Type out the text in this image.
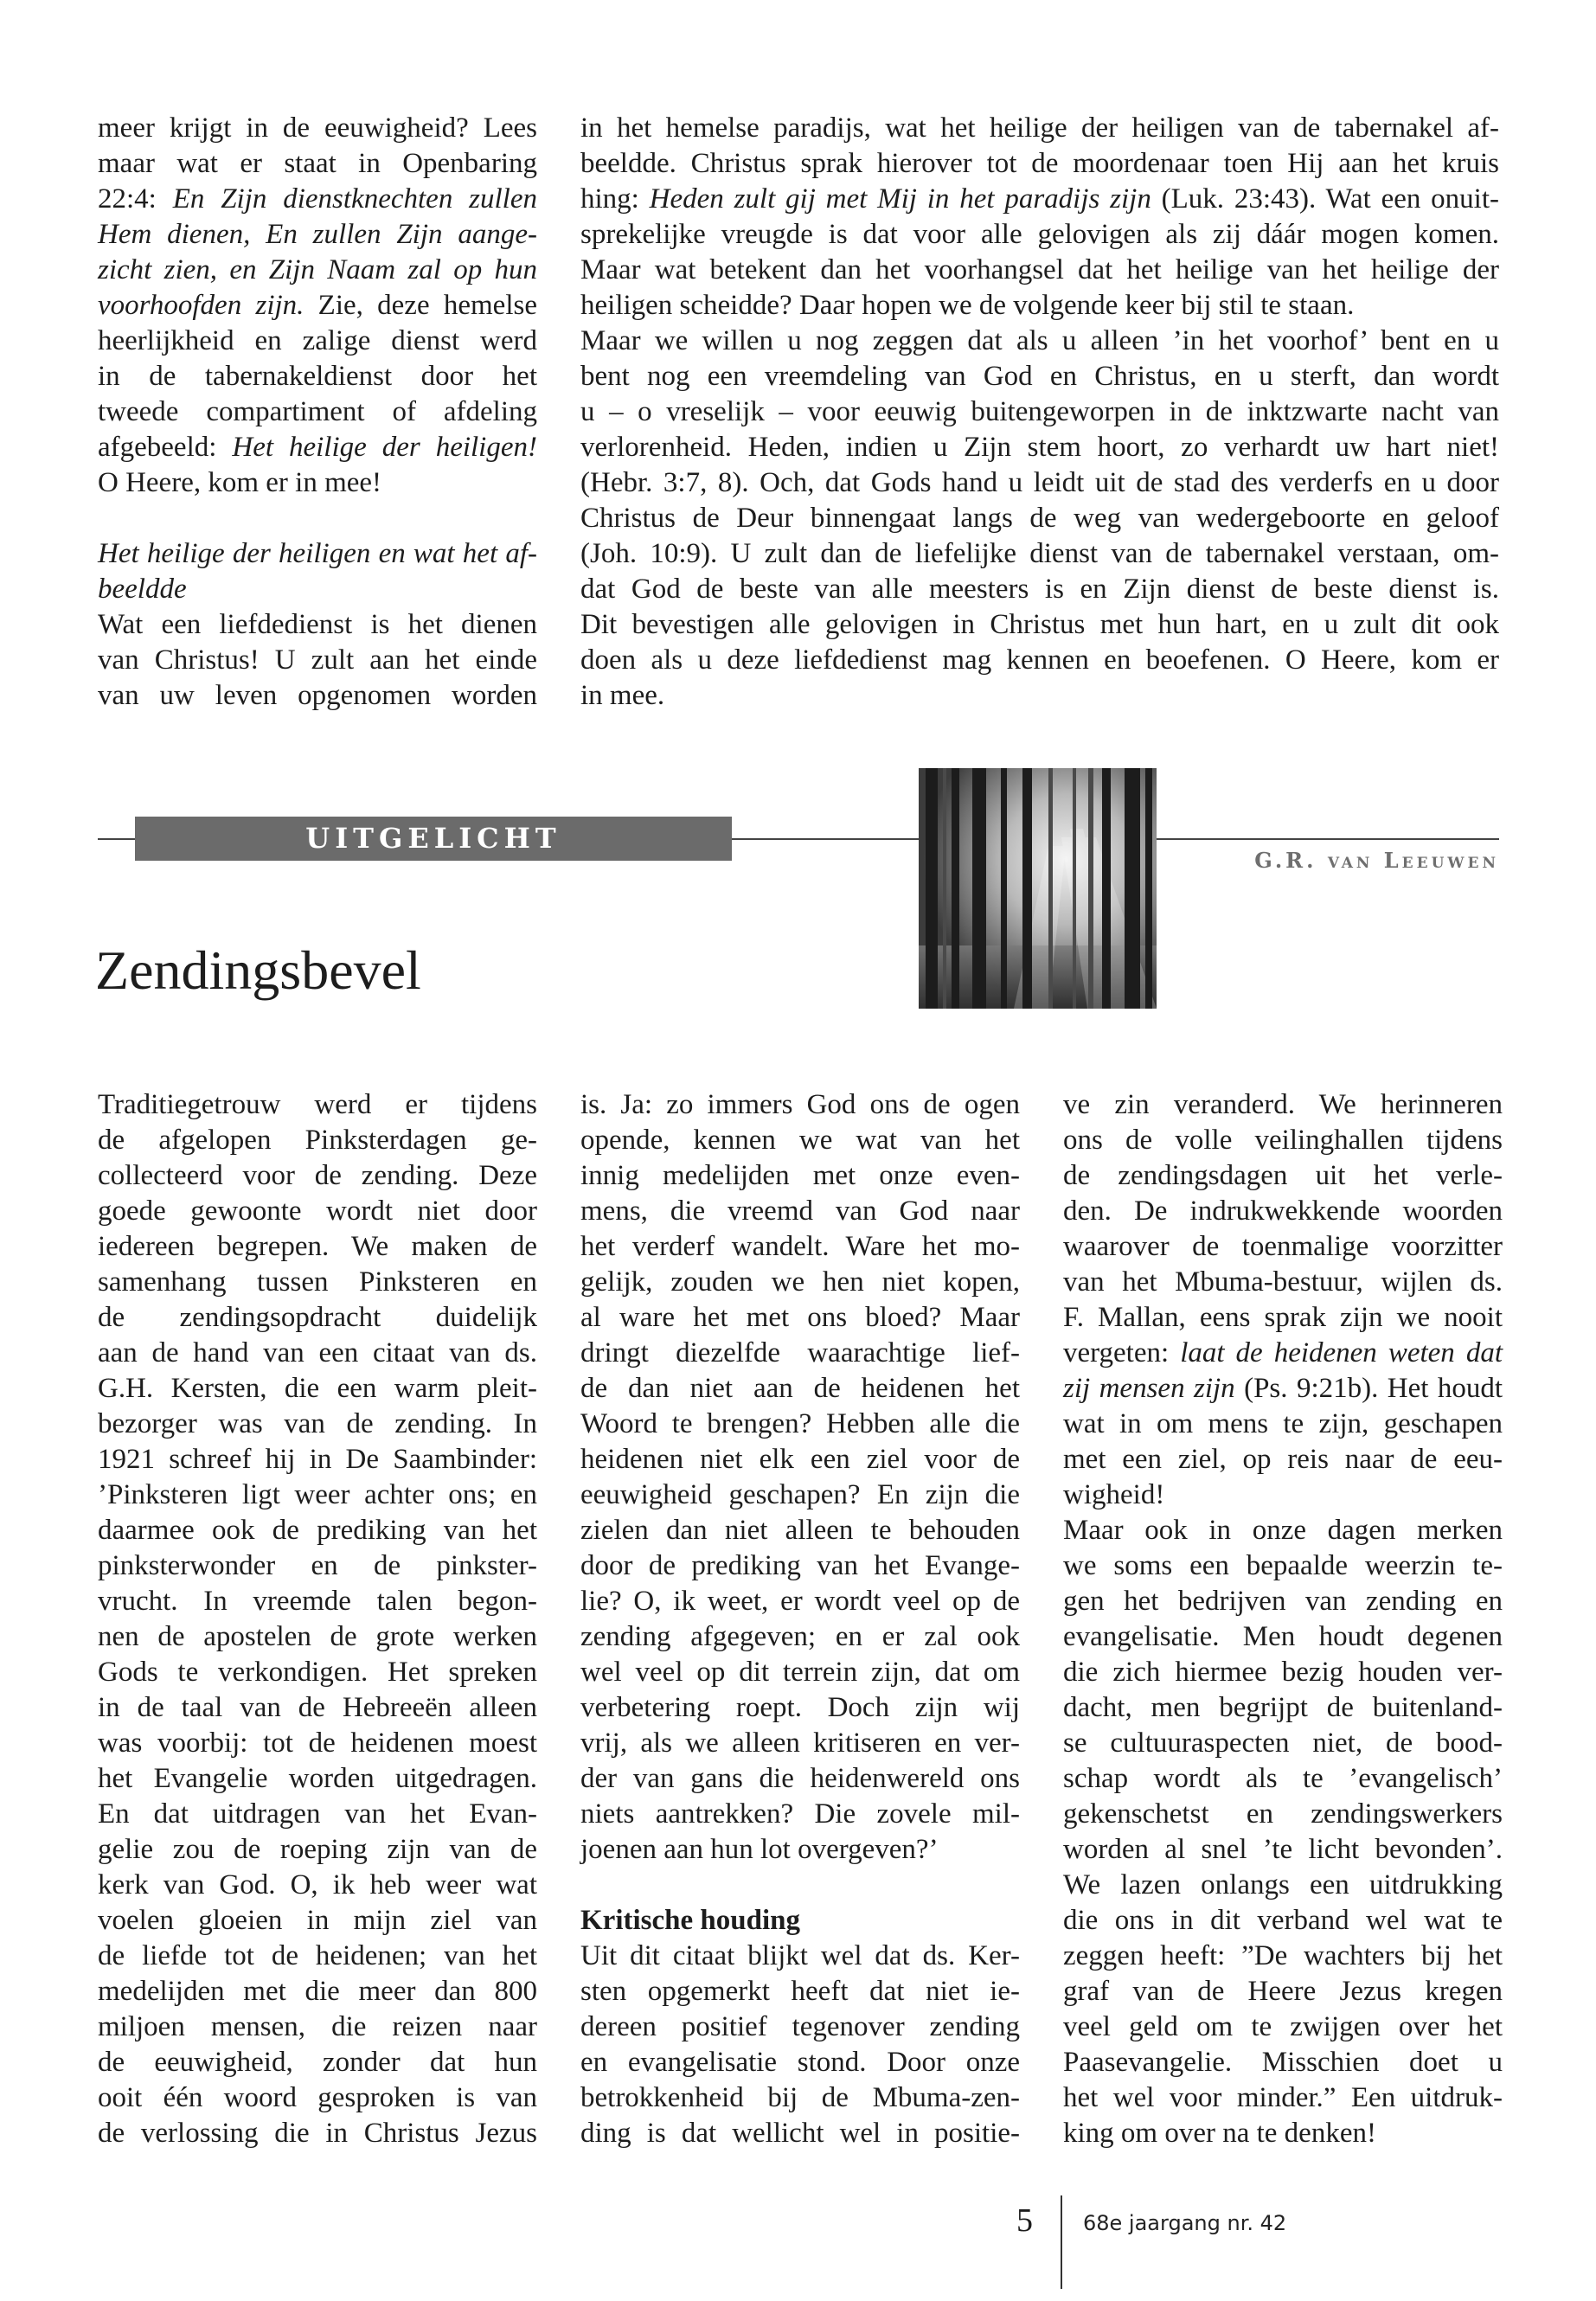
meer krijgt in de eeuwigheid? Lees
maar wat er staat in Openbaring
22:4: En Zijn dienstknechten zullen
Hem dienen, En zullen Zijn aange-
zicht zien, en Zijn Naam zal op hun
voorhoofden zijn. Zie, deze hemelse
heerlijkheid en zalige dienst werd
in de tabernakeldienst door het
tweede compartiment of afdeling
afgebeeld: Het heilige der heiligen!
O Heere, kom er in mee!
Het heilige der heiligen en wat het af-
beeldde
Wat een liefdedienst is het dienen
van Christus! U zult aan het einde
van uw leven opgenomen worden
in het hemelse paradijs, wat het heilige der heiligen van de tabernakel af-
beeldde. Christus sprak hierover tot de moordenaar toen Hij aan het kruis
hing: Heden zult gij met Mij in het paradijs zijn (Luk. 23:43). Wat een onuit-
sprekelijke vreugde is dat voor alle gelovigen als zij dáár mogen komen.
Maar wat betekent dan het voorhangsel dat het heilige van het heilige der
heiligen scheidde? Daar hopen we de volgende keer bij stil te staan.
Maar we willen u nog zeggen dat als u alleen ’in het voorhof’ bent en u
bent nog een vreemdeling van God en Christus, en u sterft, dan wordt
u – o vreselijk – voor eeuwig buitengeworpen in de inktzwarte nacht van
verlorenheid. Heden, indien u Zijn stem hoort, zo verhardt uw hart niet!
(Hebr. 3:7, 8). Och, dat Gods hand u leidt uit de stad des verderfs en u door
Christus de Deur binnengaat langs de weg van wedergeboorte en geloof
(Joh. 10:9). U zult dan de liefelijke dienst van de tabernakel verstaan, om-
dat God de beste van alle meesters is en Zijn dienst de beste dienst is.
Dit bevestigen alle gelovigen in Christus met hun hart, en u zult dit ook
doen als u deze liefdedienst mag kennen en beoefenen. O Heere, kom er
in mee.
UITGELICHT
G.R. van Leeuwen
Zendingsbevel
Traditiegetrouw werd er tijdens
de afgelopen Pinksterdagen ge-
collecteerd voor de zending. Deze
goede gewoonte wordt niet door
iedereen begrepen. We maken de
samenhang tussen Pinksteren en
de zendingsopdracht duidelijk
aan de hand van een citaat van ds.
G.H. Kersten, die een warm pleit-
bezorger was van de zending. In
1921 schreef hij in De Saambinder:
’Pinksteren ligt weer achter ons; en
daarmee ook de prediking van het
pinksterwonder en de pinkster-
vrucht. In vreemde talen begon-
nen de apostelen de grote werken
Gods te verkondigen. Het spreken
in de taal van de Hebreeën alleen
was voorbij: tot de heidenen moest
het Evangelie worden uitgedragen.
En dat uitdragen van het Evan-
gelie zou de roeping zijn van de
kerk van God. O, ik heb weer wat
voelen gloeien in mijn ziel van
de liefde tot de heidenen; van het
medelijden met die meer dan 800
miljoen mensen, die reizen naar
de eeuwigheid, zonder dat hun
ooit één woord gesproken is van
de verlossing die in Christus Jezus
is. Ja: zo immers God ons de ogen
opende, kennen we wat van het
innig medelijden met onze even-
mens, die vreemd van God naar
het verderf wandelt. Ware het mo-
gelijk, zouden we hen niet kopen,
al ware het met ons bloed? Maar
dringt diezelfde waarachtige lief-
de dan niet aan de heidenen het
Woord te brengen? Hebben alle die
heidenen niet elk een ziel voor de
eeuwigheid geschapen? En zijn die
zielen dan niet alleen te behouden
door de prediking van het Evange-
lie? O, ik weet, er wordt veel op de
zending afgegeven; en er zal ook
wel veel op dit terrein zijn, dat om
verbetering roept. Doch zijn wij
vrij, als we alleen kritiseren en ver-
der van gans die heidenwereld ons
niets aantrekken? Die zovele mil-
joenen aan hun lot overgeven?’
Kritische houding
Uit dit citaat blijkt wel dat ds. Ker-
sten opgemerkt heeft dat niet ie-
dereen positief tegenover zending
en evangelisatie stond. Door onze
betrokkenheid bij de Mbuma-zen-
ding is dat wellicht wel in positie-
ve zin veranderd. We herinneren
ons de volle veilinghallen tijdens
de zendingsdagen uit het verle-
den. De indrukwekkende woorden
waarover de toenmalige voorzitter
van het Mbuma-bestuur, wijlen ds.
F. Mallan, eens sprak zijn we nooit
vergeten: laat de heidenen weten dat
zij mensen zijn (Ps. 9:21b). Het houdt
wat in om mens te zijn, geschapen
met een ziel, op reis naar de eeu-
wigheid!
Maar ook in onze dagen merken
we soms een bepaalde weerzin te-
gen het bedrijven van zending en
evangelisatie. Men houdt degenen
die zich hiermee bezig houden ver-
dacht, men begrijpt de buitenland-
se cultuuraspecten niet, de bood-
schap wordt als te ’evangelisch’
gekenschetst en zendingswerkers
worden al snel ’te licht bevonden’.
We lazen onlangs een uitdrukking
die ons in dit verband wel wat te
zeggen heeft: ”De wachters bij het
graf van de Heere Jezus kregen
veel geld om te zwijgen over het
Paasevangelie. Misschien doet u
het wel voor minder.” Een uitdruk-
king om over na te denken!
5 68e jaargang nr. 42
